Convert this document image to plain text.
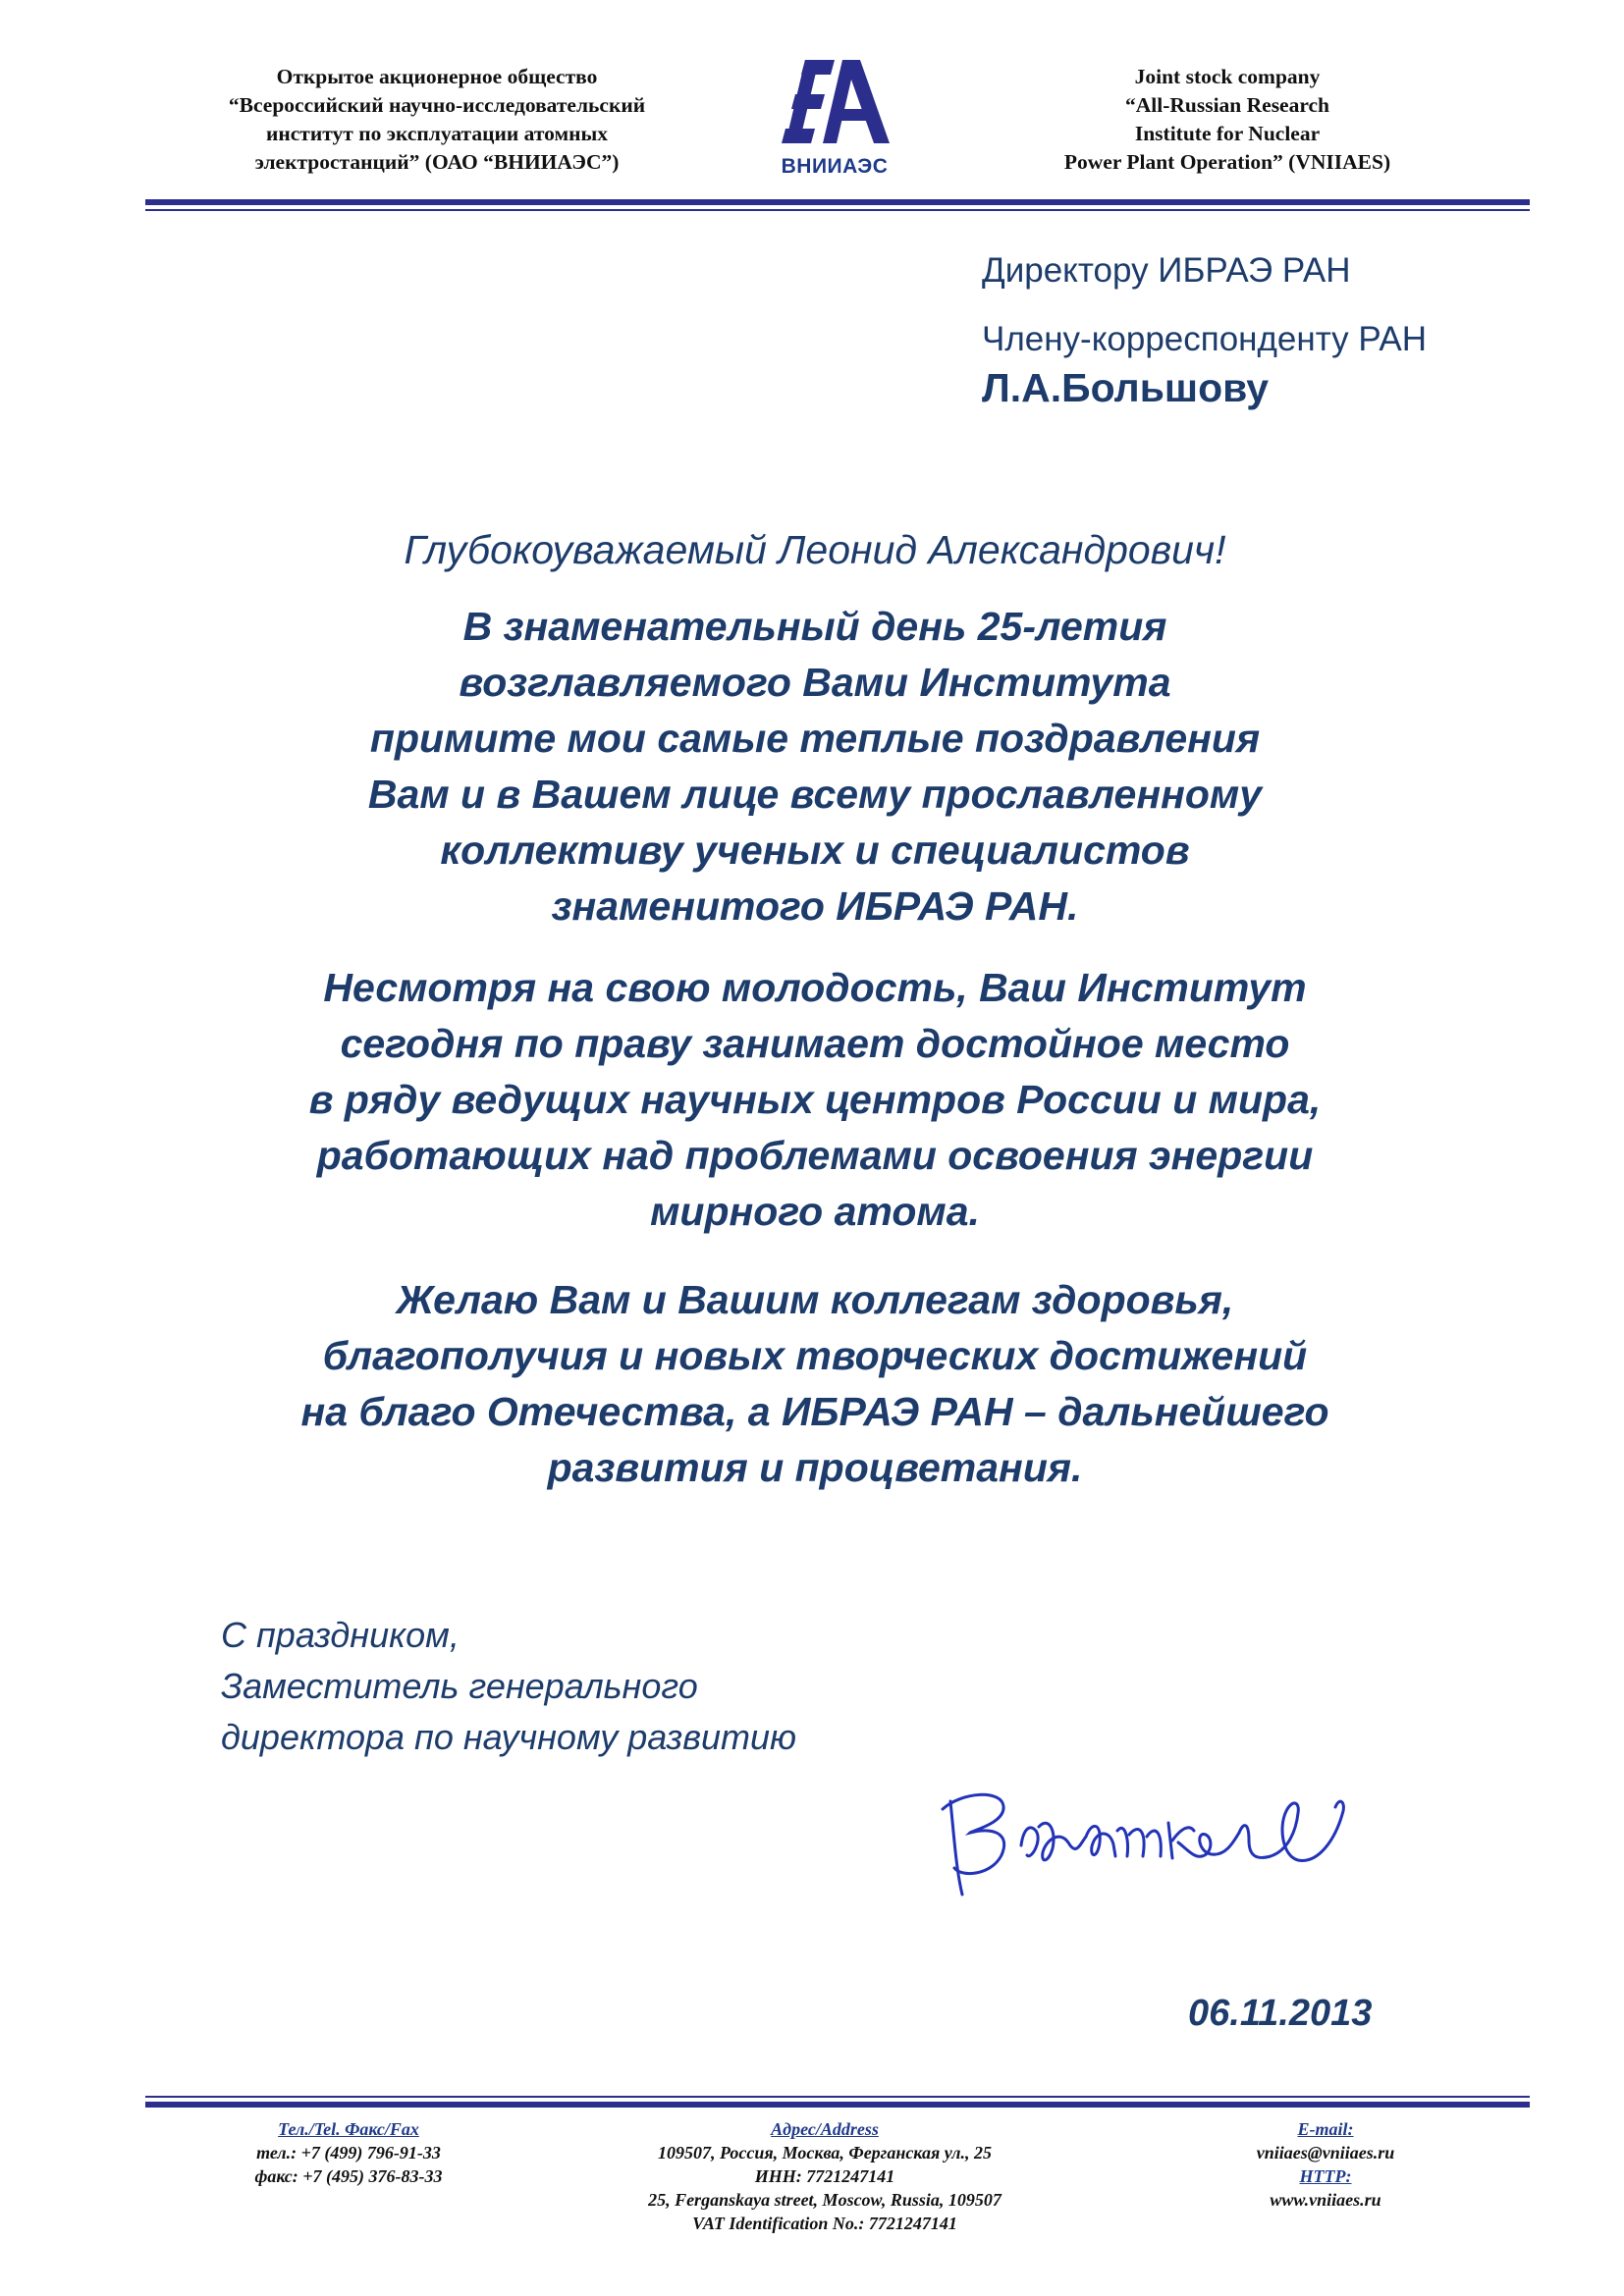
Открытое акционерное общество
“Всероссийский научно-исследовательский
институт по эксплуатации атомных
электростанций” (ОАО “ВНИИАЭС”)	ВНИИАЭС
Joint stock company
“All-Russian Research
Institute for Nuclear
Power Plant Operation” (VNIIAES)
Директору ИБРАЭ РАН
Члену-корреспонденту РАН
Л.А.Большову
Глубокоуважаемый Леонид Александрович!
В знаменательный день 25-летия
возглавляемого Вами Института
примите мои самые теплые поздравления
Вам и в Вашем лице всему прославленному
коллективу ученых и специалистов
знаменитого ИБРАЭ РАН.
Несмотря на свою молодость, Ваш Институт
сегодня по праву занимает достойное место
в ряду ведущих научных центров России и мира,
работающих над проблемами освоения энергии
мирного атома.
Желаю Вам и Вашим коллегам здоровья,
благополучия и новых творческих достижений
на благо Отечества, а ИБРАЭ РАН – дальнейшего
развития и процветания.
С праздником,
Заместитель генерального
директора по научному развитию
06.11.2013
Тел./Tel. Факс/Fax
тел.: +7 (499) 796-91-33
факс: +7 (495) 376-83-33
Адрес/Address
109507, Россия, Москва, Ферганская ул., 25
ИНН: 7721247141
25, Ferganskaya street, Moscow, Russia, 109507
VAT Identification No.: 7721247141
E-mail:
vniiaes@vniiaes.ru
HTTP:
www.vniiaes.ru
